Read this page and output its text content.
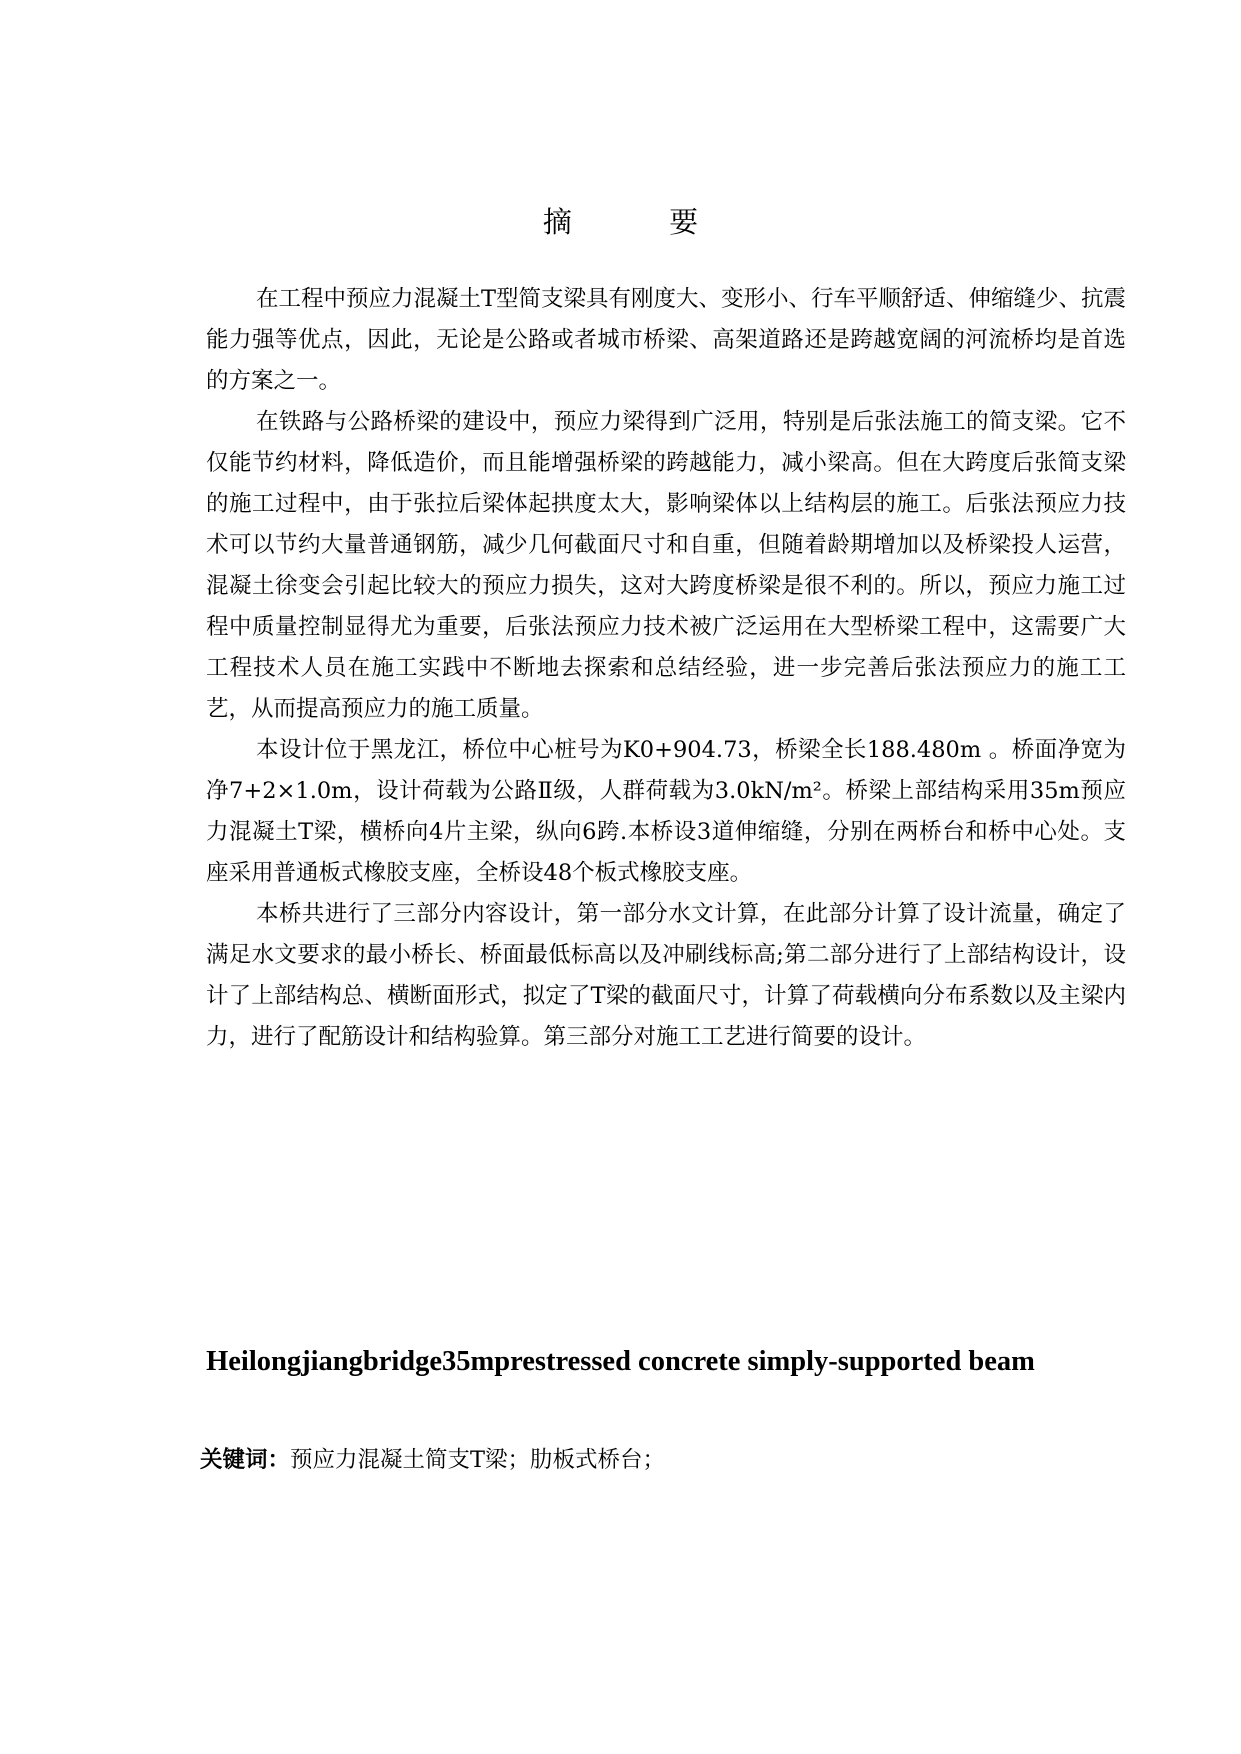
摘 要

在工程中预应力混凝土T型简支梁具有刚度大、变形小、行车平顺舒适、伸缩缝少、抗震能力强等优点，因此，无论是公路或者城市桥梁、高架道路还是跨越宽阔的河流桥均是首选的方案之一。

在铁路与公路桥梁的建设中，预应力梁得到广泛用，特别是后张法施工的简支梁。它不仅能节约材料，降低造价，而且能增强桥梁的跨越能力，减小梁高。但在大跨度后张简支梁的施工过程中，由于张拉后梁体起拱度太大，影响梁体以上结构层的施工。后张法预应力技术可以节约大量普通钢筋，减少几何截面尺寸和自重，但随着龄期增加以及桥梁投人运营，混凝土徐变会引起比较大的预应力损失，这对大跨度桥梁是很不利的。所以，预应力施工过程中质量控制显得尤为重要，后张法预应力技术被广泛运用在大型桥梁工程中，这需要广大工程技术人员在施工实践中不断地去探索和总结经验，进一步完善后张法预应力的施工工艺，从而提高预应力的施工质量。

本设计位于黑龙江，桥位中心桩号为K0+904.73，桥梁全长188.480m 。桥面净宽为净7+2×1.0m，设计荷载为公路Ⅱ级，人群荷载为3.0kN/m²。桥梁上部结构采用35m预应力混凝土T梁，横桥向4片主梁，纵向6跨.本桥设3道伸缩缝，分别在两桥台和桥中心处。支座采用普通板式橡胶支座，全桥设48个板式橡胶支座。

本桥共进行了三部分内容设计，第一部分水文计算，在此部分计算了设计流量，确定了满足水文要求的最小桥长、桥面最低标高以及冲刷线标高;第二部分进行了上部结构设计，设计了上部结构总、横断面形式，拟定了T梁的截面尺寸，计算了荷载横向分布系数以及主梁内力，进行了配筋设计和结构验算。第三部分对施工工艺进行简要的设计。

Heilongjiangbridge35mprestressed concrete simply-supported beam
关键词：预应力混凝土简支T梁；肋板式桥台；
